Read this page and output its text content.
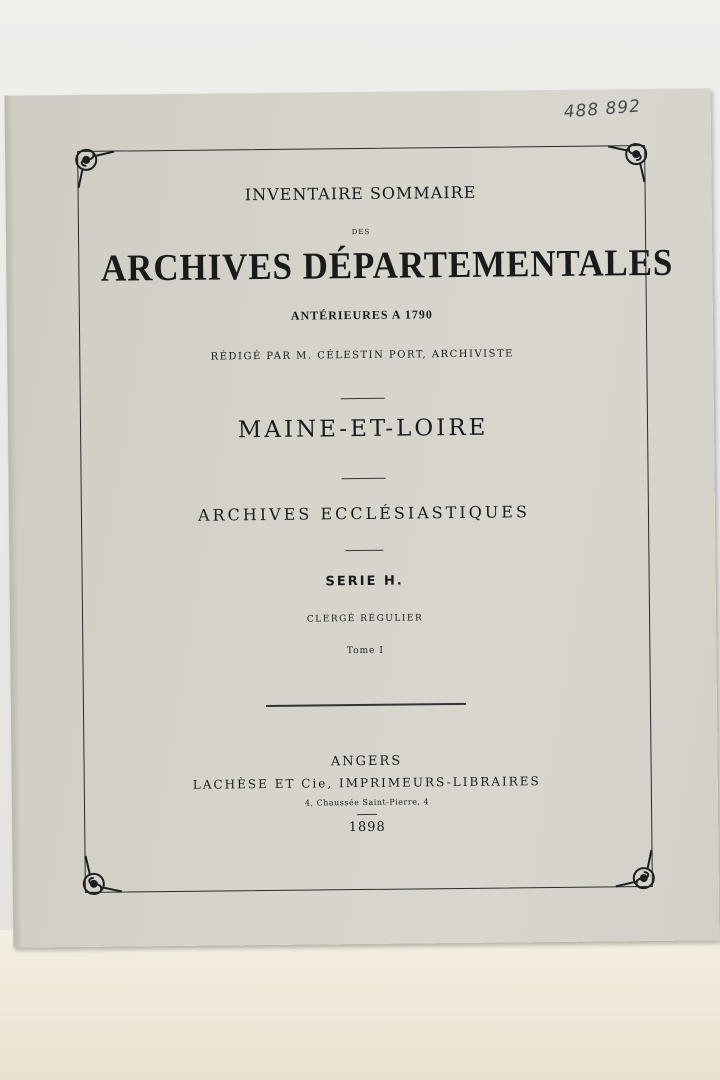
488 892
INVENTAIRE SOMMAIRE
DES
ARCHIVES DÉPARTEMENTALES
ANTÉRIEURES A 1790
RÉDIGÉ PAR M. CÉLESTIN PORT, ARCHIVISTE
MAINE-ET-LOIRE
ARCHIVES ECCLÉSIASTIQUES
SERIE H.
CLERGÉ RÉGULIER
Tome I
ANGERS
LACHÈSE ET Cie, IMPRIMEURS-LIBRAIRES
4, Chaussée Saint-Pierre, 4
1898
